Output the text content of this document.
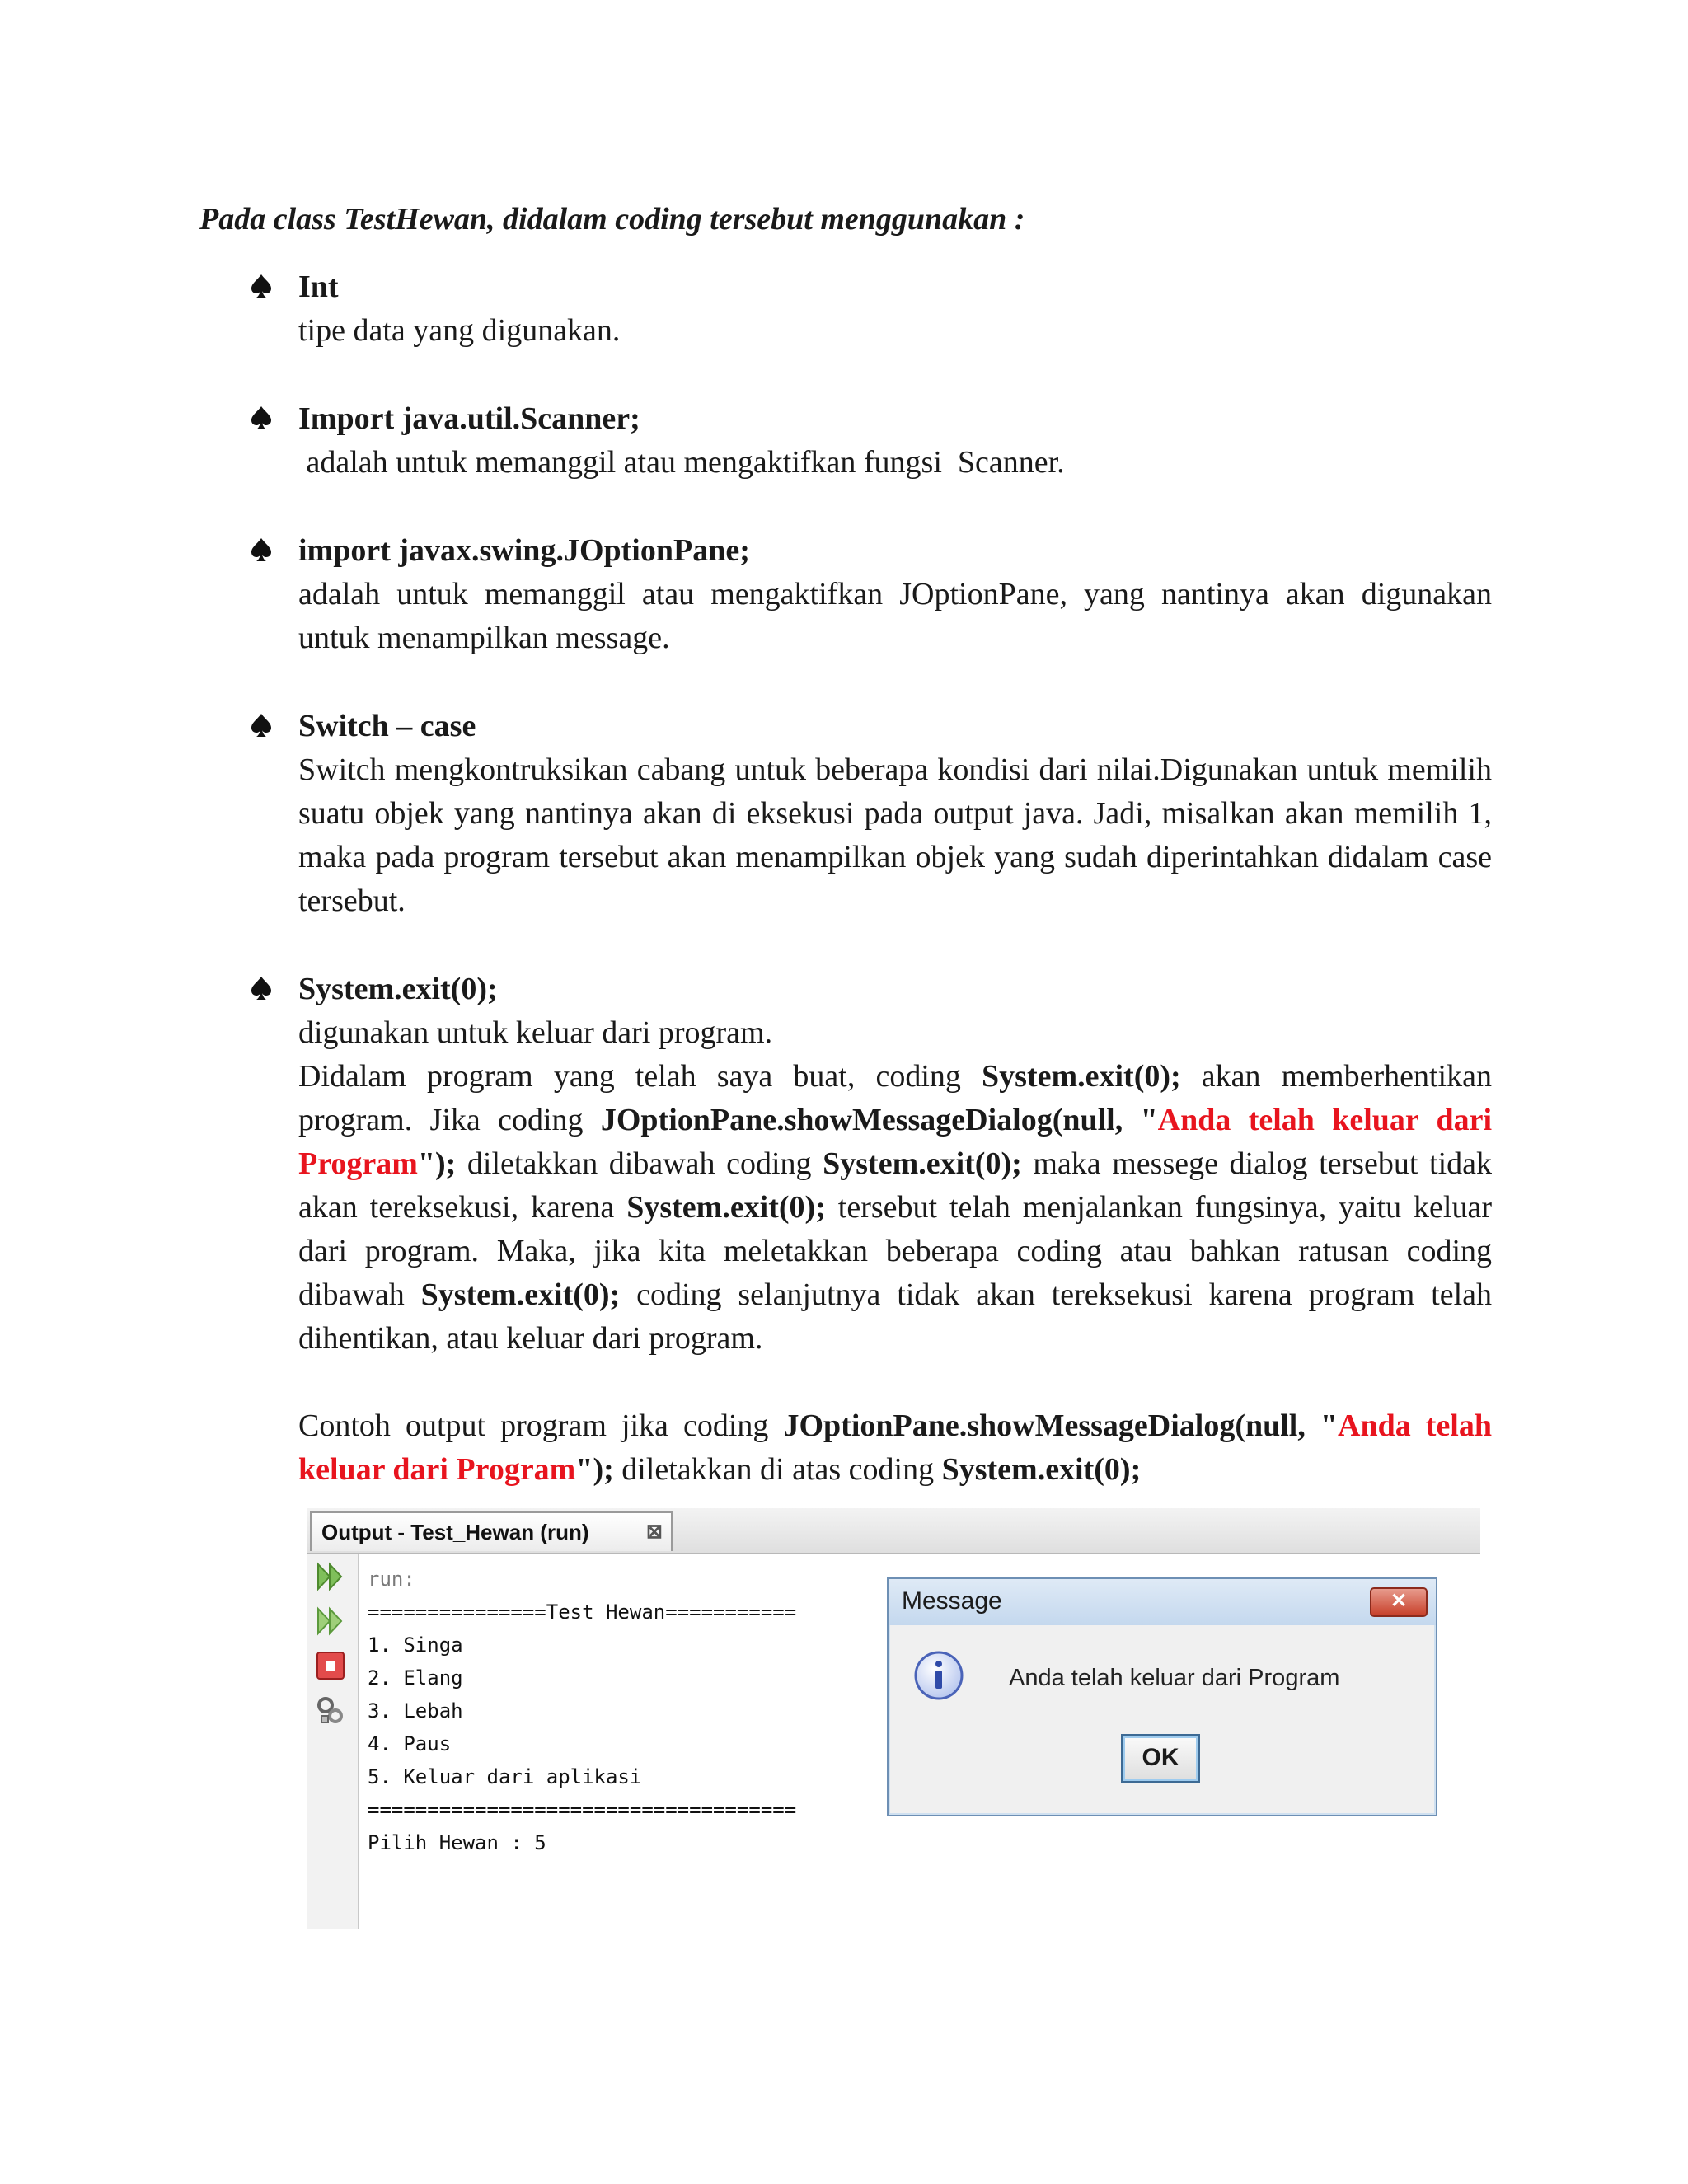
Pada class TestHewan, didalam coding tersebut menggunakan :

Int

tipe data yang digunakan.

Import java.util.Scanner;

adalah untuk memanggil atau mengaktifkan fungsi  Scanner.

import javax.swing.JOptionPane;

adalah untuk memanggil atau mengaktifkan JOptionPane, yang nantinya akan digunakan untuk menampilkan message.

Switch – case

Switch mengkontruksikan cabang untuk beberapa kondisi dari nilai.Digunakan untuk memilih suatu objek yang nantinya akan di eksekusi pada output java. Jadi, misalkan akan memilih 1, maka pada program tersebut akan menampilkan objek yang sudah diperintahkan didalam case tersebut.

System.exit(0);

digunakan untuk keluar dari program.

Didalam program yang telah saya buat, coding System.exit(0); akan memberhentikan program. Jika coding JOptionPane.showMessageDialog(null, "Anda telah keluar dari Program"); diletakkan dibawah coding System.exit(0); maka messege dialog tersebut tidak akan tereksekusi, karena System.exit(0); tersebut telah menjalankan fungsinya, yaitu keluar dari program. Maka, jika kita meletakkan beberapa coding atau bahkan ratusan coding dibawah System.exit(0); coding selanjutnya tidak akan tereksekusi karena program telah dihentikan, atau keluar dari program.

Contoh output program jika coding JOptionPane.showMessageDialog(null, "Anda telah keluar dari Program"); diletakkan di atas coding System.exit(0);

Output - Test_Hewan (run)	⊠
run:
===============Test Hewan===========
1. Singa
2. Elang
3. Lebah
4. Paus
5. Keluar dari aplikasi
====================================
Pilih Hewan : 5
Message	✕
Anda telah keluar dari Program
OK
